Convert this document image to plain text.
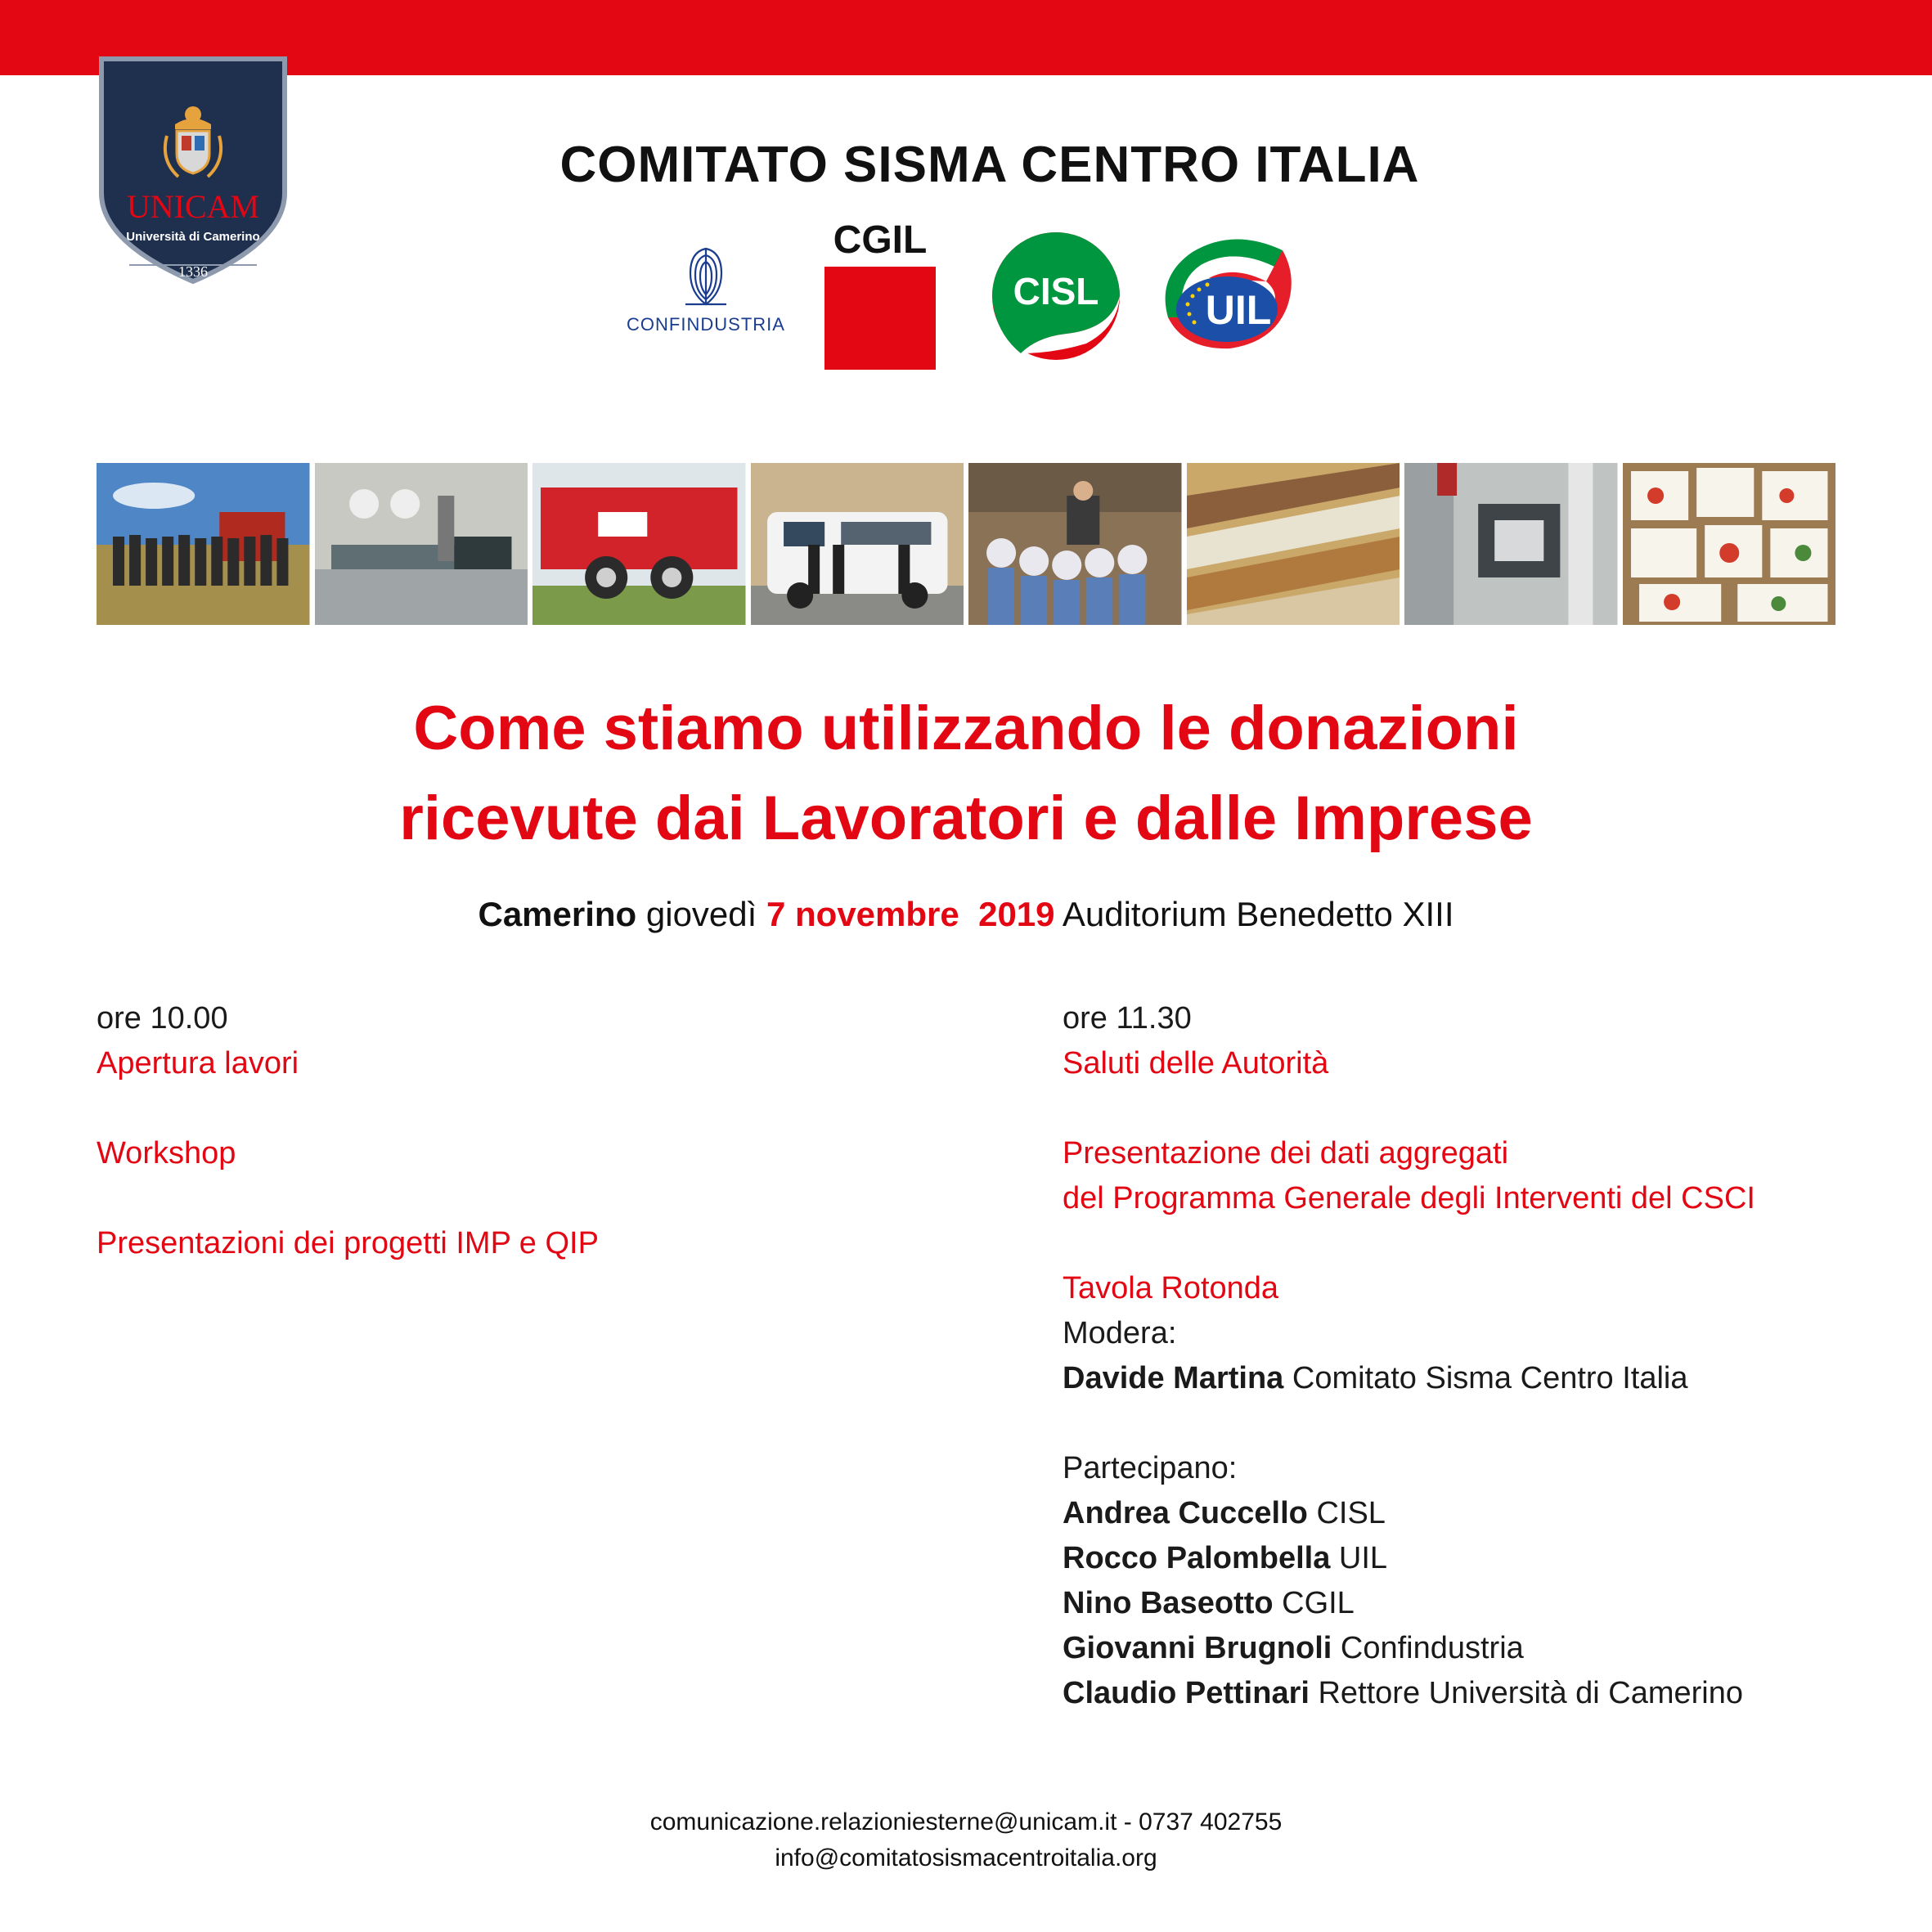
UNICAM
Università di Camerino
1336
COMITATO SISMA CENTRO ITALIA
CONFINDUSTRIA
CGIL
CISL	UIL
Come stiamo utilizzando le donazioni
ricevute dai Lavoratori e dalle Imprese
Camerino giovedì 7 novembre  2019 Auditorium Benedetto XIII
ore 10.00
Apertura lavori
Workshop
Presentazioni dei progetti IMP e QIP
ore 11.30
Saluti delle Autorità
Presentazione dei dati aggregati
del Programma Generale degli Interventi del CSCI
Tavola Rotonda
Modera:
Davide Martina Comitato Sisma Centro Italia
Partecipano:
Andrea Cuccello CISL
Rocco Palombella UIL
Nino Baseotto CGIL
Giovanni Brugnoli Confindustria
Claudio Pettinari Rettore Università di Camerino
comunicazione.relazioniesterne@unicam.it - 0737 402755
info@comitatosismacentroitalia.org
